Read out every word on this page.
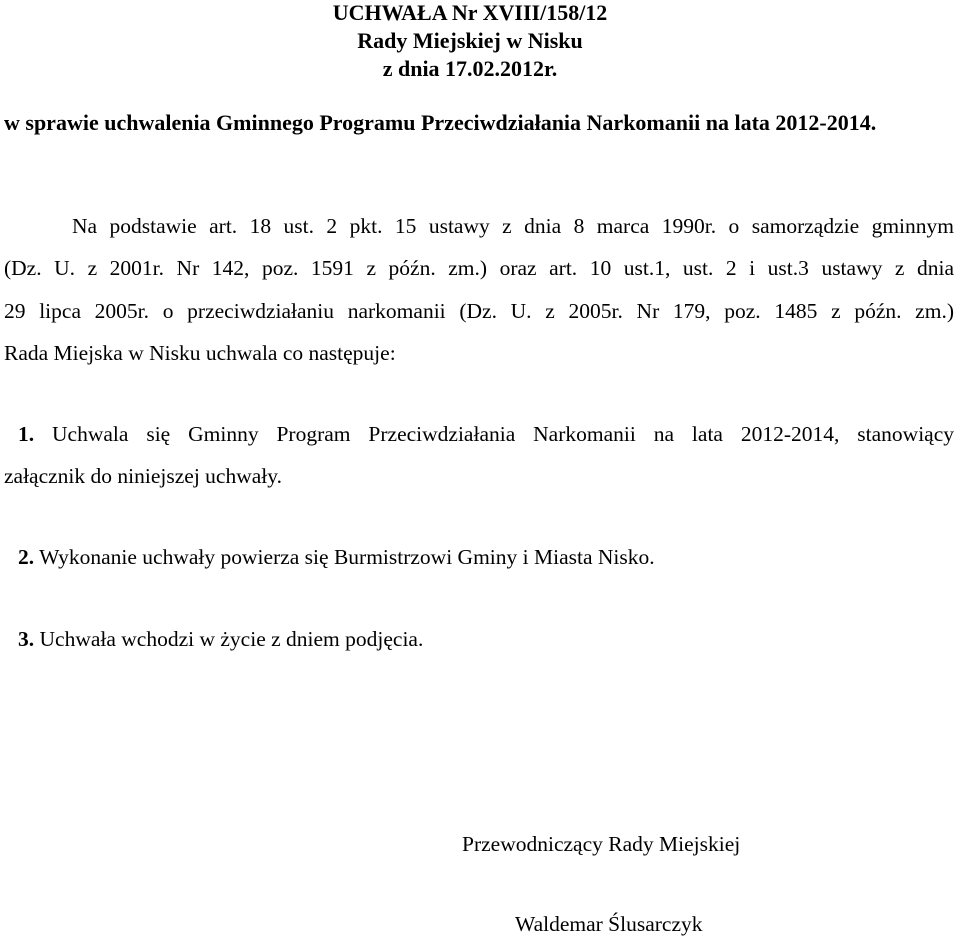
UCHWAŁA Nr XVIII/158/12
Rady Miejskiej w Nisku
z dnia 17.02.2012r.
w sprawie uchwalenia Gminnego Programu Przeciwdziałania Narkomanii na lata 2012-2014.
Na podstawie art. 18 ust. 2 pkt. 15 ustawy z dnia 8 marca 1990r. o samorządzie gminnym
(Dz. U. z 2001r. Nr 142, poz. 1591 z późn. zm.) oraz art. 10 ust.1, ust. 2 i ust.3 ustawy z dnia
29 lipca 2005r. o przeciwdziałaniu narkomanii (Dz. U. z 2005r. Nr 179, poz. 1485 z późn. zm.)
Rada Miejska w Nisku uchwala co następuje:
1. Uchwala się Gminny Program Przeciwdziałania Narkomanii na lata 2012-2014, stanowiący
załącznik do niniejszej uchwały.
2. Wykonanie uchwały powierza się Burmistrzowi Gminy i Miasta Nisko.
3. Uchwała wchodzi w życie z dniem podjęcia.
Przewodniczący Rady Miejskiej
Waldemar Ślusarczyk
